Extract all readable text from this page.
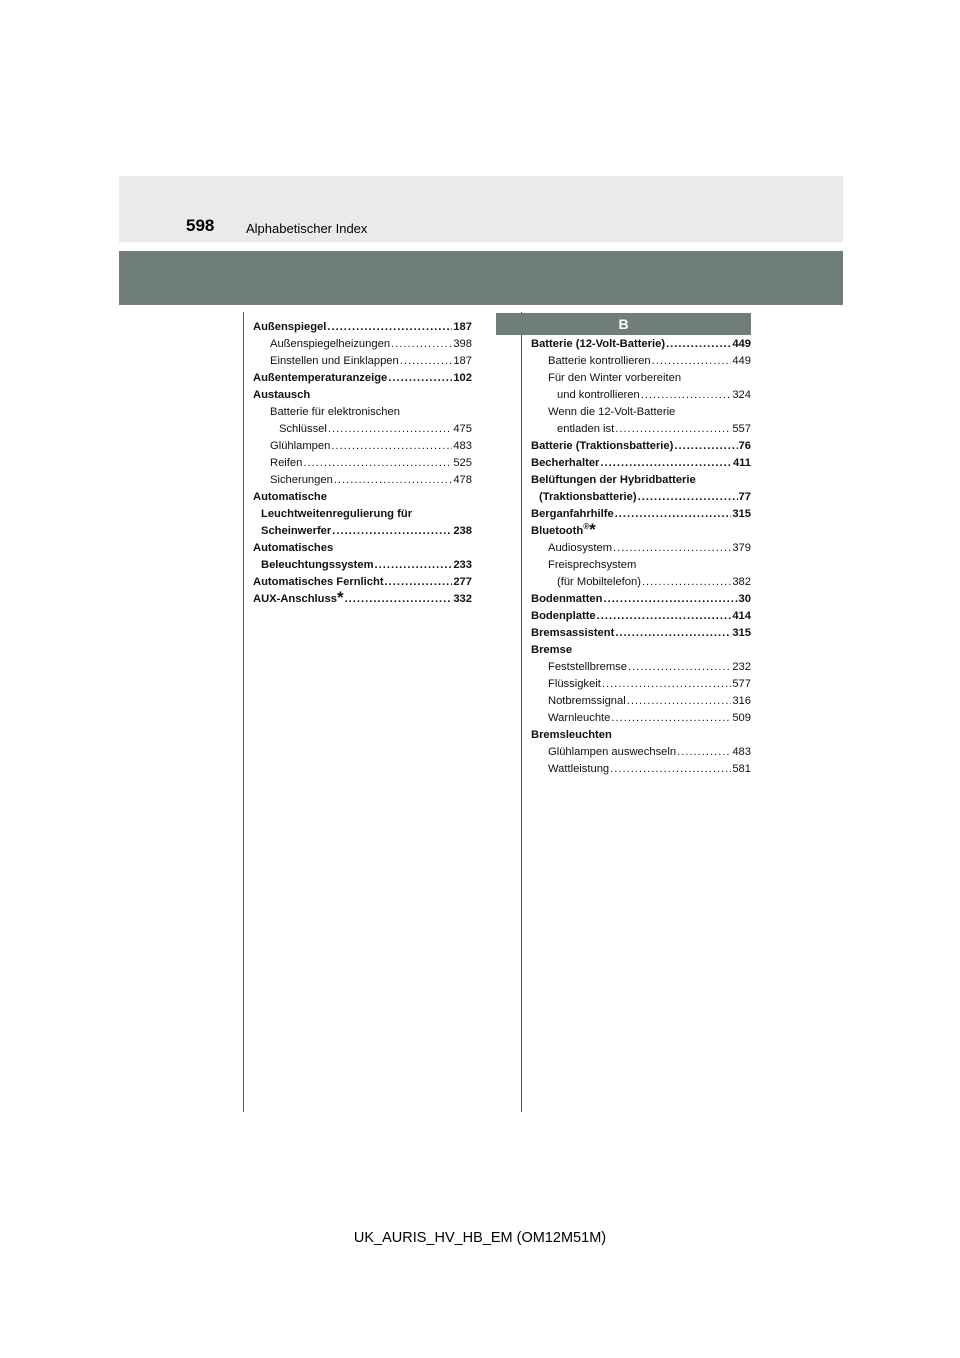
598 Alphabetischer Index
Außenspiegel .....	187
Außenspiegelheizungen .....	398
Einstellen und Einklappen .....	187
Außentemperaturanzeige .....	102
Austausch
Batterie für elektronischen
Schlüssel .....	475
Glühlampen .....	483
Reifen .....	525
Sicherungen .....	478
Automatische
Leuchtweitenregulierung für
Scheinwerfer .....	238
Automatisches
Beleuchtungssystem .....	233
Automatisches Fernlicht .....	277
AUX-Anschluss* .....	332
B
Batterie (12-Volt-Batterie) .....	449
Batterie kontrollieren .....	449
Für den Winter vorbereiten
und kontrollieren .....	324
Wenn die 12-Volt-Batterie
entladen ist .....	557
Batterie (Traktionsbatterie) .....	76
Becherhalter .....	411
Belüftungen der Hybridbatterie
(Traktionsbatterie) .....	77
Berganfahrhilfe .....	315
Bluetooth®*
Audiosystem .....	379
Freisprechsystem
(für Mobiltelefon) .....	382
Bodenmatten .....	30
Bodenplatte .....	414
Bremsassistent .....	315
Bremse
Feststellbremse .....	232
Flüssigkeit .....	577
Notbremssignal .....	316
Warnleuchte .....	509
Bremsleuchten
Glühlampen auswechseln .....	483
Wattleistung .....	581
UK_AURIS_HV_HB_EM (OM12M51M)
